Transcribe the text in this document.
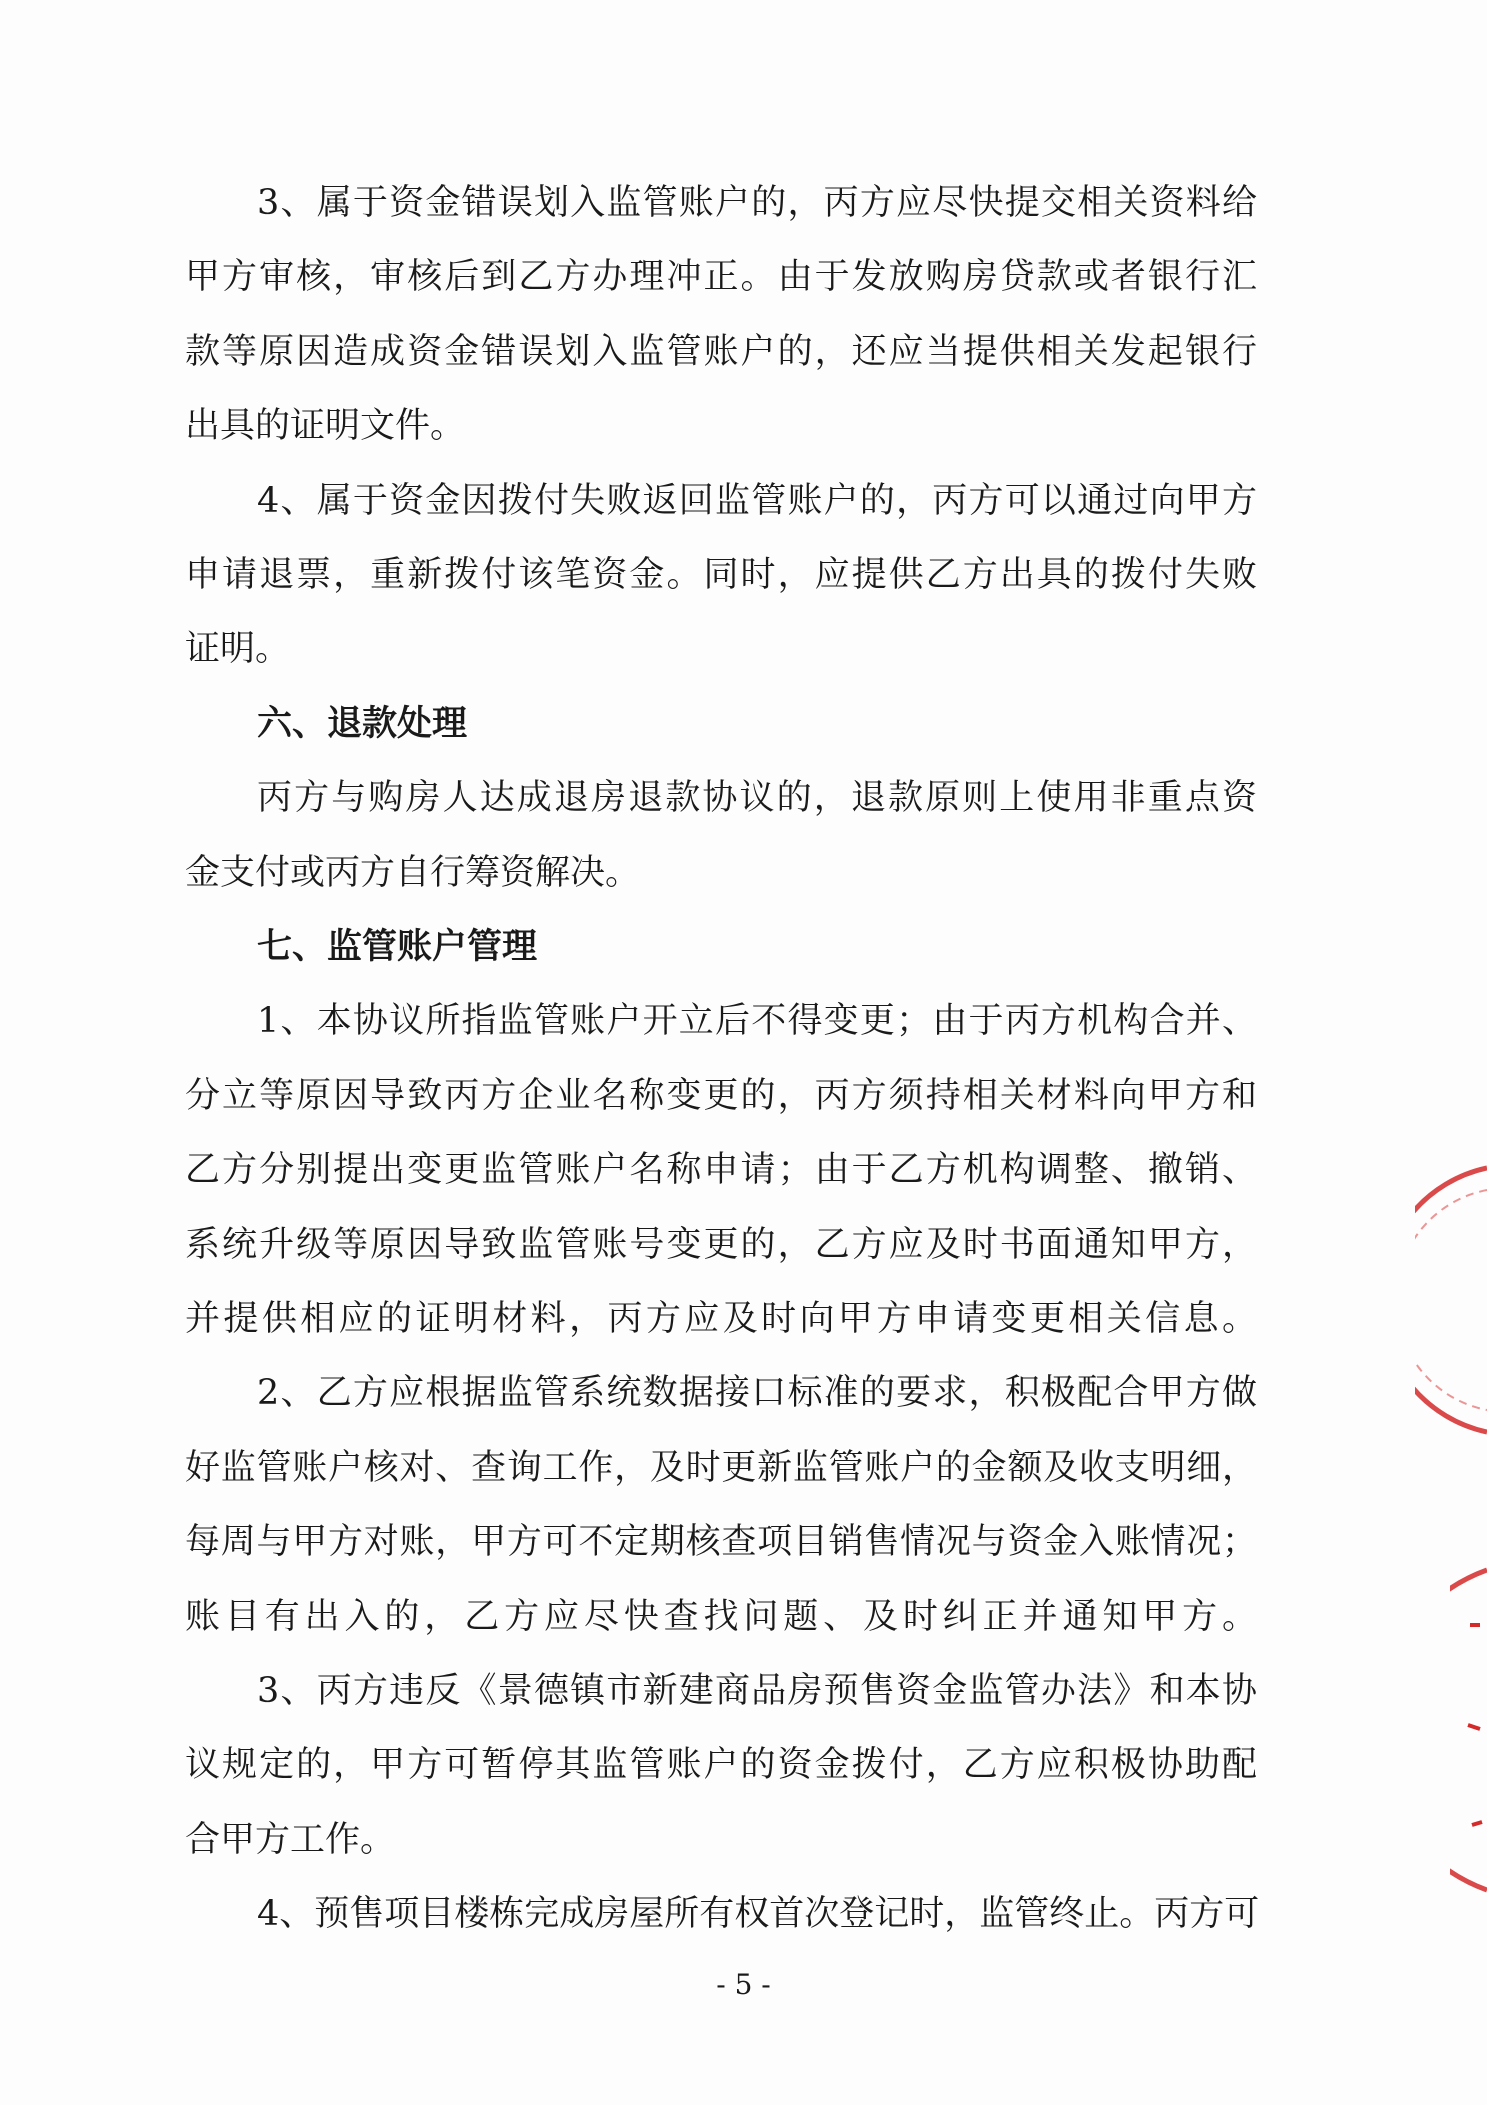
3、属于资金错误划入监管账户的，丙方应尽快提交相关资料给
甲方审核，审核后到乙方办理冲正。由于发放购房贷款或者银行汇
款等原因造成资金错误划入监管账户的，还应当提供相关发起银行
出具的证明文件。
4、属于资金因拨付失败返回监管账户的，丙方可以通过向甲方
申请退票，重新拨付该笔资金。同时，应提供乙方出具的拨付失败
证明。
六、退款处理
丙方与购房人达成退房退款协议的，退款原则上使用非重点资
金支付或丙方自行筹资解决。
七、监管账户管理
1、本协议所指监管账户开立后不得变更；由于丙方机构合并、
分立等原因导致丙方企业名称变更的，丙方须持相关材料向甲方和
乙方分别提出变更监管账户名称申请；由于乙方机构调整、撤销、
系统升级等原因导致监管账号变更的，乙方应及时书面通知甲方，
并提供相应的证明材料，丙方应及时向甲方申请变更相关信息。
2、乙方应根据监管系统数据接口标准的要求，积极配合甲方做
好监管账户核对、查询工作，及时更新监管账户的金额及收支明细，
每周与甲方对账，甲方可不定期核查项目销售情况与资金入账情况；
账目有出入的，乙方应尽快查找问题、及时纠正并通知甲方。
3、丙方违反《景德镇市新建商品房预售资金监管办法》和本协
议规定的，甲方可暂停其监管账户的资金拨付，乙方应积极协助配
合甲方工作。
4、预售项目楼栋完成房屋所有权首次登记时，监管终止。丙方可
- 5 -
